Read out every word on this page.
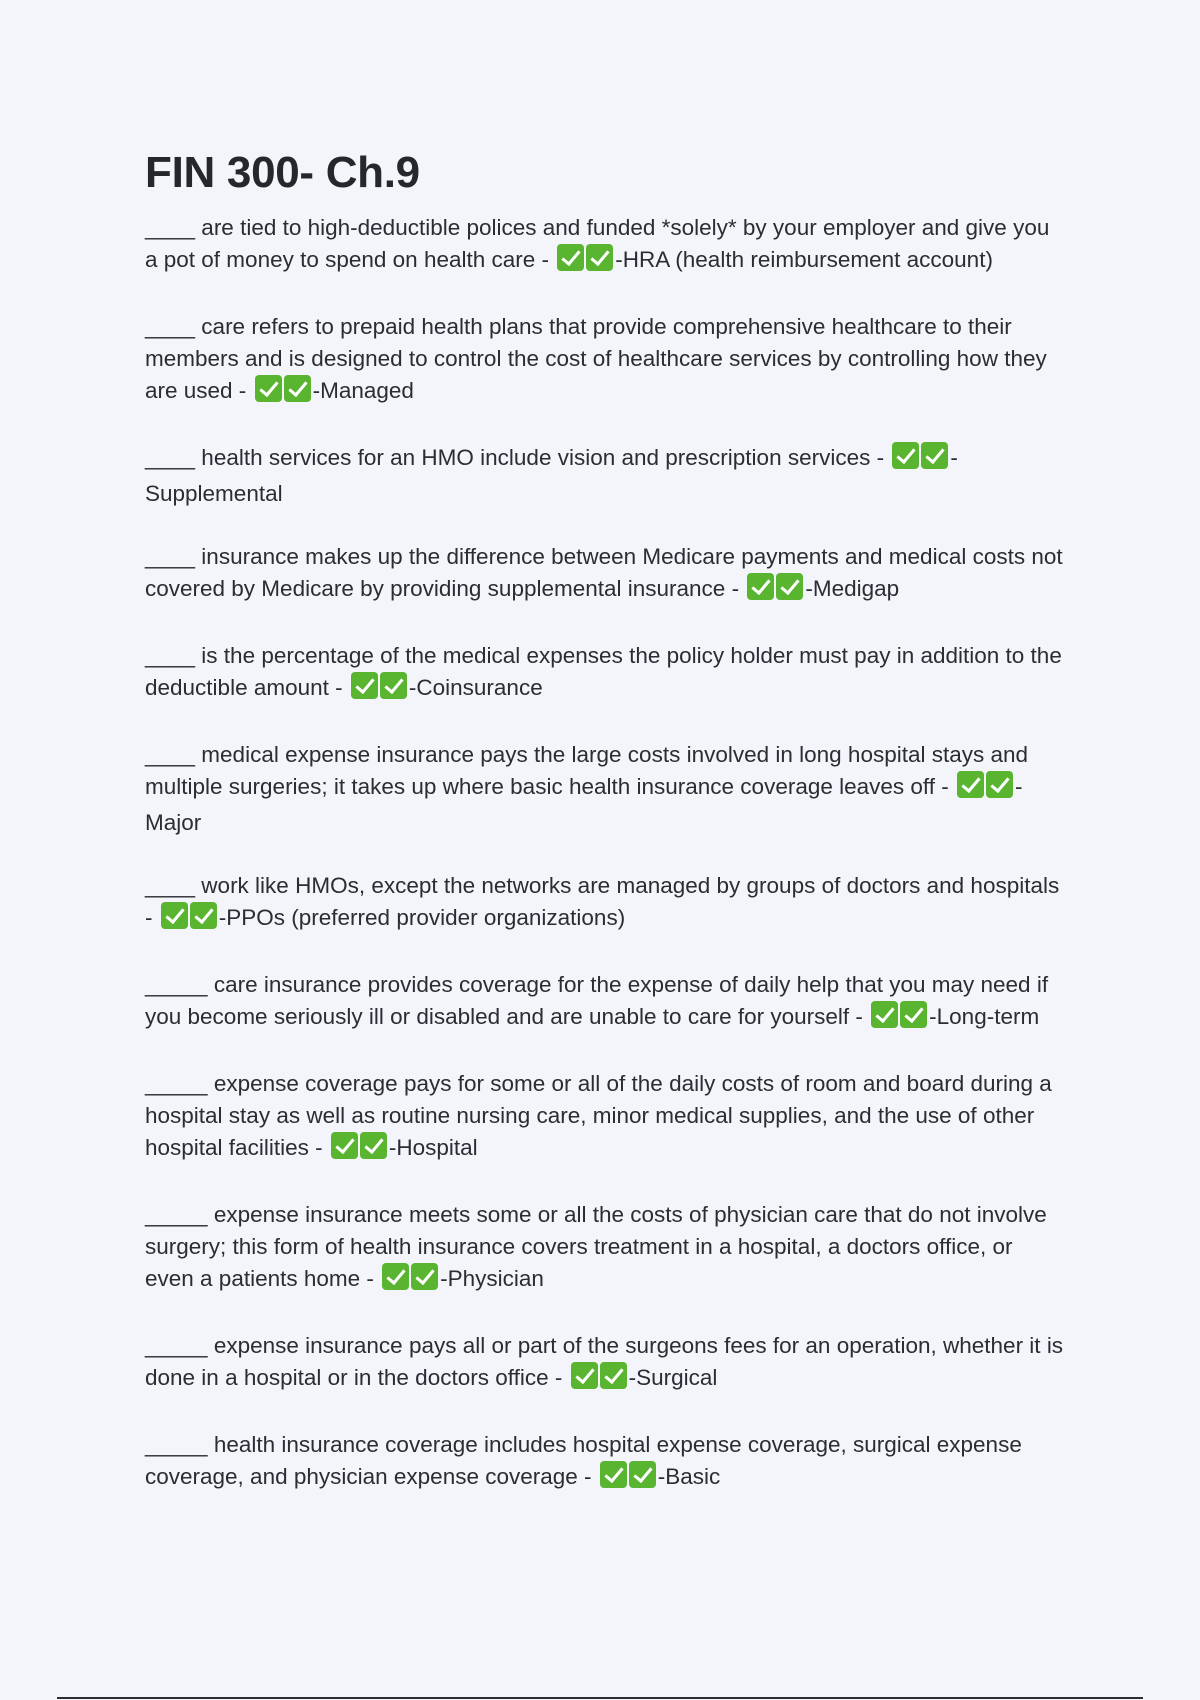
FIN 300- Ch.9

____ are tied to high-deductible polices and funded *solely* by your employer and give you a pot of money to spend on health care -	-HRA (health reimbursement account)

____ care refers to prepaid health plans that provide comprehensive healthcare to their members and is designed to control the cost of healthcare services by controlling how they are used -	-Managed

____ health services for an HMO include vision and prescription services -	-Supplemental

____ insurance makes up the difference between Medicare payments and medical costs not covered by Medicare by providing supplemental insurance -	-Medigap

____ is the percentage of the medical expenses the policy holder must pay in addition to the deductible amount -	-Coinsurance

____ medical expense insurance pays the large costs involved in long hospital stays and multiple surgeries; it takes up where basic health insurance coverage leaves off -	-Major

____ work like HMOs, except the networks are managed by groups of doctors and hospitals -	-PPOs (preferred provider organizations)

_____ care insurance provides coverage for the expense of daily help that you may need if you become seriously ill or disabled and are unable to care for yourself -	-Long-term

_____ expense coverage pays for some or all of the daily costs of room and board during a hospital stay as well as routine nursing care, minor medical supplies, and the use of other hospital facilities -	-Hospital

_____ expense insurance meets some or all the costs of physician care that do not involve surgery; this form of health insurance covers treatment in a hospital, a doctors office, or even a patients home -	-Physician

_____ expense insurance pays all or part of the surgeons fees for an operation, whether it is done in a hospital or in the doctors office -	-Surgical

_____ health insurance coverage includes hospital expense coverage, surgical expense coverage, and physician expense coverage -	-Basic
